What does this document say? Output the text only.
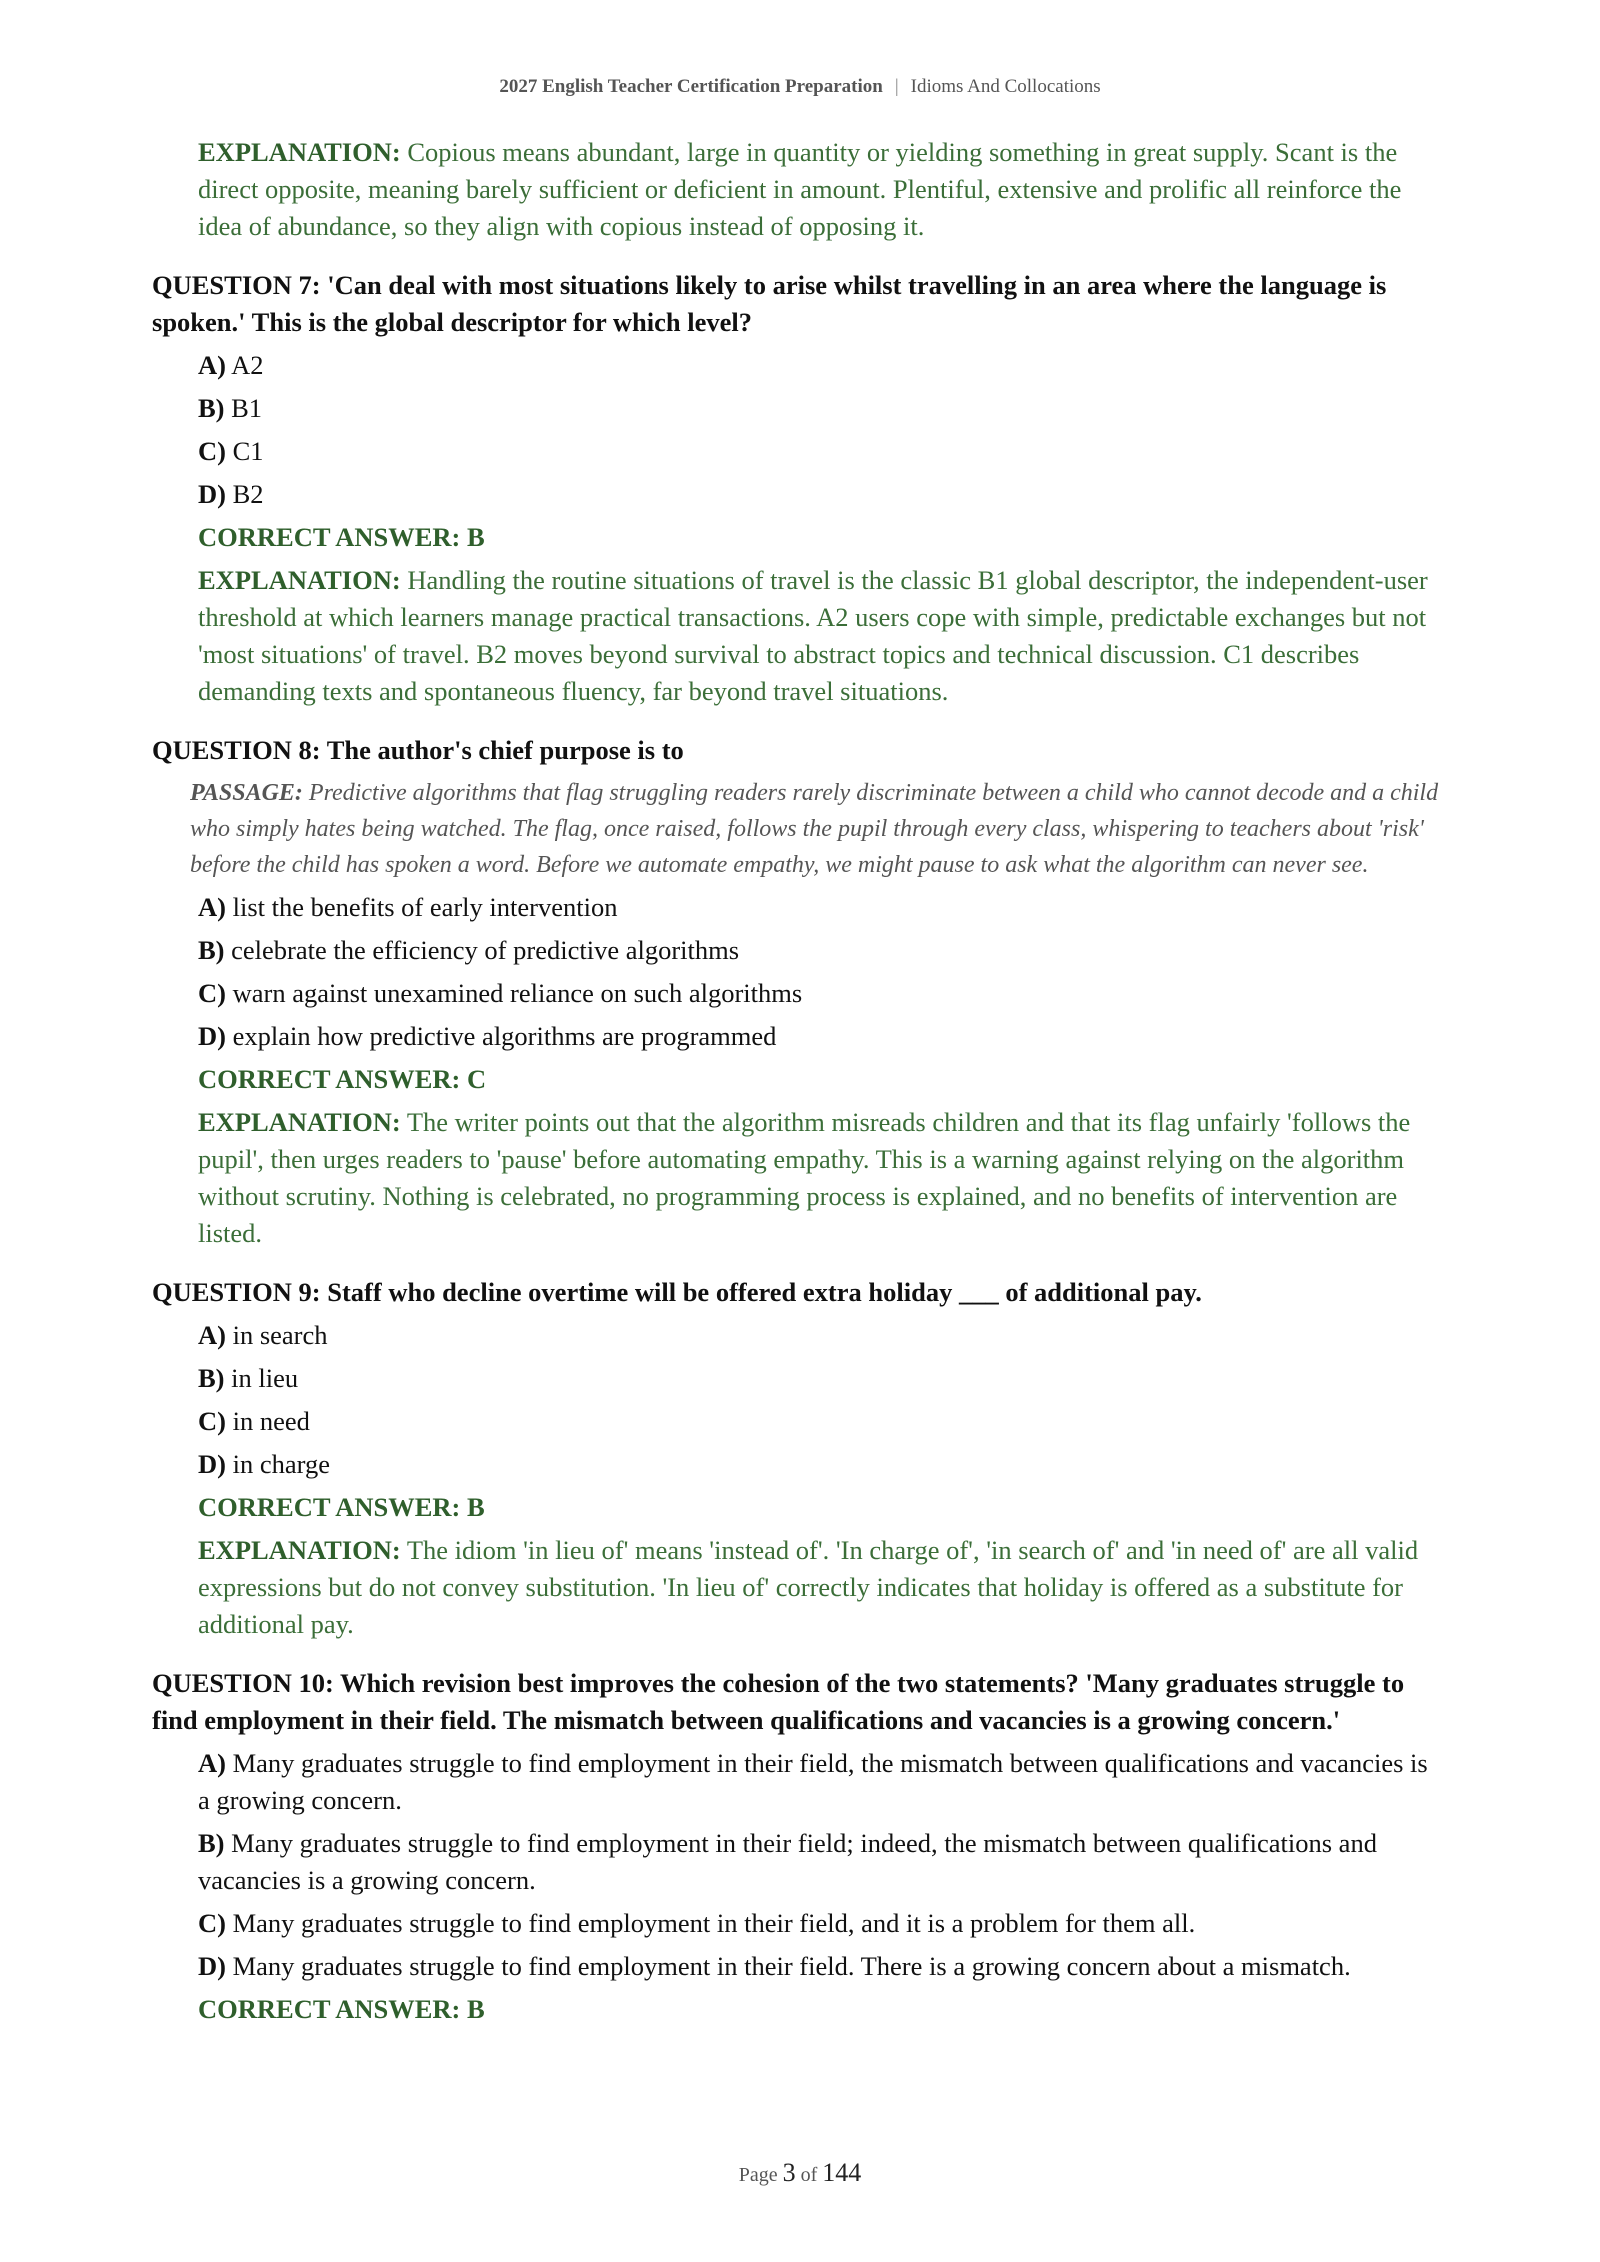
2027 English Teacher Certification Preparation | Idioms And Collocations
EXPLANATION: Copious means abundant, large in quantity or yielding something in great supply. Scant is the direct opposite, meaning barely sufficient or deficient in amount. Plentiful, extensive and prolific all reinforce the idea of abundance, so they align with copious instead of opposing it.
QUESTION 7: 'Can deal with most situations likely to arise whilst travelling in an area where the language is spoken.' This is the global descriptor for which level?
A) A2
B) B1
C) C1
D) B2
CORRECT ANSWER: B
EXPLANATION: Handling the routine situations of travel is the classic B1 global descriptor, the independent-user threshold at which learners manage practical transactions. A2 users cope with simple, predictable exchanges but not 'most situations' of travel. B2 moves beyond survival to abstract topics and technical discussion. C1 describes demanding texts and spontaneous fluency, far beyond travel situations.
QUESTION 8: The author's chief purpose is to
PASSAGE: Predictive algorithms that flag struggling readers rarely discriminate between a child who cannot decode and a child who simply hates being watched. The flag, once raised, follows the pupil through every class, whispering to teachers about 'risk' before the child has spoken a word. Before we automate empathy, we might pause to ask what the algorithm can never see.
A) list the benefits of early intervention
B) celebrate the efficiency of predictive algorithms
C) warn against unexamined reliance on such algorithms
D) explain how predictive algorithms are programmed
CORRECT ANSWER: C
EXPLANATION: The writer points out that the algorithm misreads children and that its flag unfairly 'follows the pupil', then urges readers to 'pause' before automating empathy. This is a warning against relying on the algorithm without scrutiny. Nothing is celebrated, no programming process is explained, and no benefits of intervention are listed.
QUESTION 9: Staff who decline overtime will be offered extra holiday ___ of additional pay.
A) in search
B) in lieu
C) in need
D) in charge
CORRECT ANSWER: B
EXPLANATION: The idiom 'in lieu of' means 'instead of'. 'In charge of', 'in search of' and 'in need of' are all valid expressions but do not convey substitution. 'In lieu of' correctly indicates that holiday is offered as a substitute for additional pay.
QUESTION 10: Which revision best improves the cohesion of the two statements? 'Many graduates struggle to find employment in their field. The mismatch between qualifications and vacancies is a growing concern.'
A) Many graduates struggle to find employment in their field, the mismatch between qualifications and vacancies is a growing concern.
B) Many graduates struggle to find employment in their field; indeed, the mismatch between qualifications and vacancies is a growing concern.
C) Many graduates struggle to find employment in their field, and it is a problem for them all.
D) Many graduates struggle to find employment in their field. There is a growing concern about a mismatch.
CORRECT ANSWER: B
Page 3 of 144
